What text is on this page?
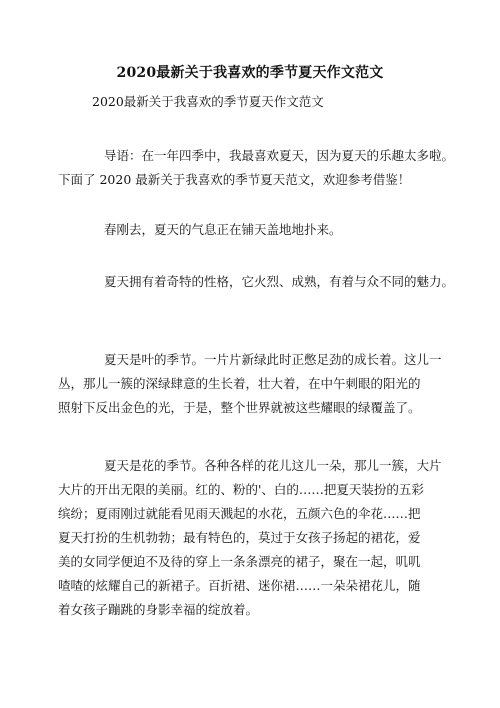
2020最新关于我喜欢的季节夏天作文范文
2020最新关于我喜欢的季节夏天作文范文
导语：在一年四季中，我最喜欢夏天，因为夏天的乐趣太多啦。
下面了 2020 最新关于我喜欢的季节夏天范文，欢迎参考借鉴！
春刚去，夏天的气息正在铺天盖地地扑来。
夏天拥有着奇特的性格，它火烈、成熟，有着与众不同的魅力。
夏天是叶的季节。一片片新绿此时正憋足劲的成长着。这儿一
丛，那儿一簇的深绿肆意的生长着，壮大着，在中午刺眼的阳光的
照射下反出金色的光，于是，整个世界就被这些耀眼的绿覆盖了。
夏天是花的季节。各种各样的花儿这儿一朵，那儿一簇，大片
大片的开出无限的美丽。红的、粉的'、白的……把夏天装扮的五彩
缤纷；夏雨刚过就能看见雨天溅起的水花，五颜六色的伞花……把
夏天打扮的生机勃勃；最有特色的，莫过于女孩子扬起的裙花，爱
美的女同学便迫不及待的穿上一条条漂亮的裙子，聚在一起，叽叽
喳喳的炫耀自己的新裙子。百折裙、迷你裙……一朵朵裙花儿，随
着女孩子蹦跳的身影幸福的绽放着。
